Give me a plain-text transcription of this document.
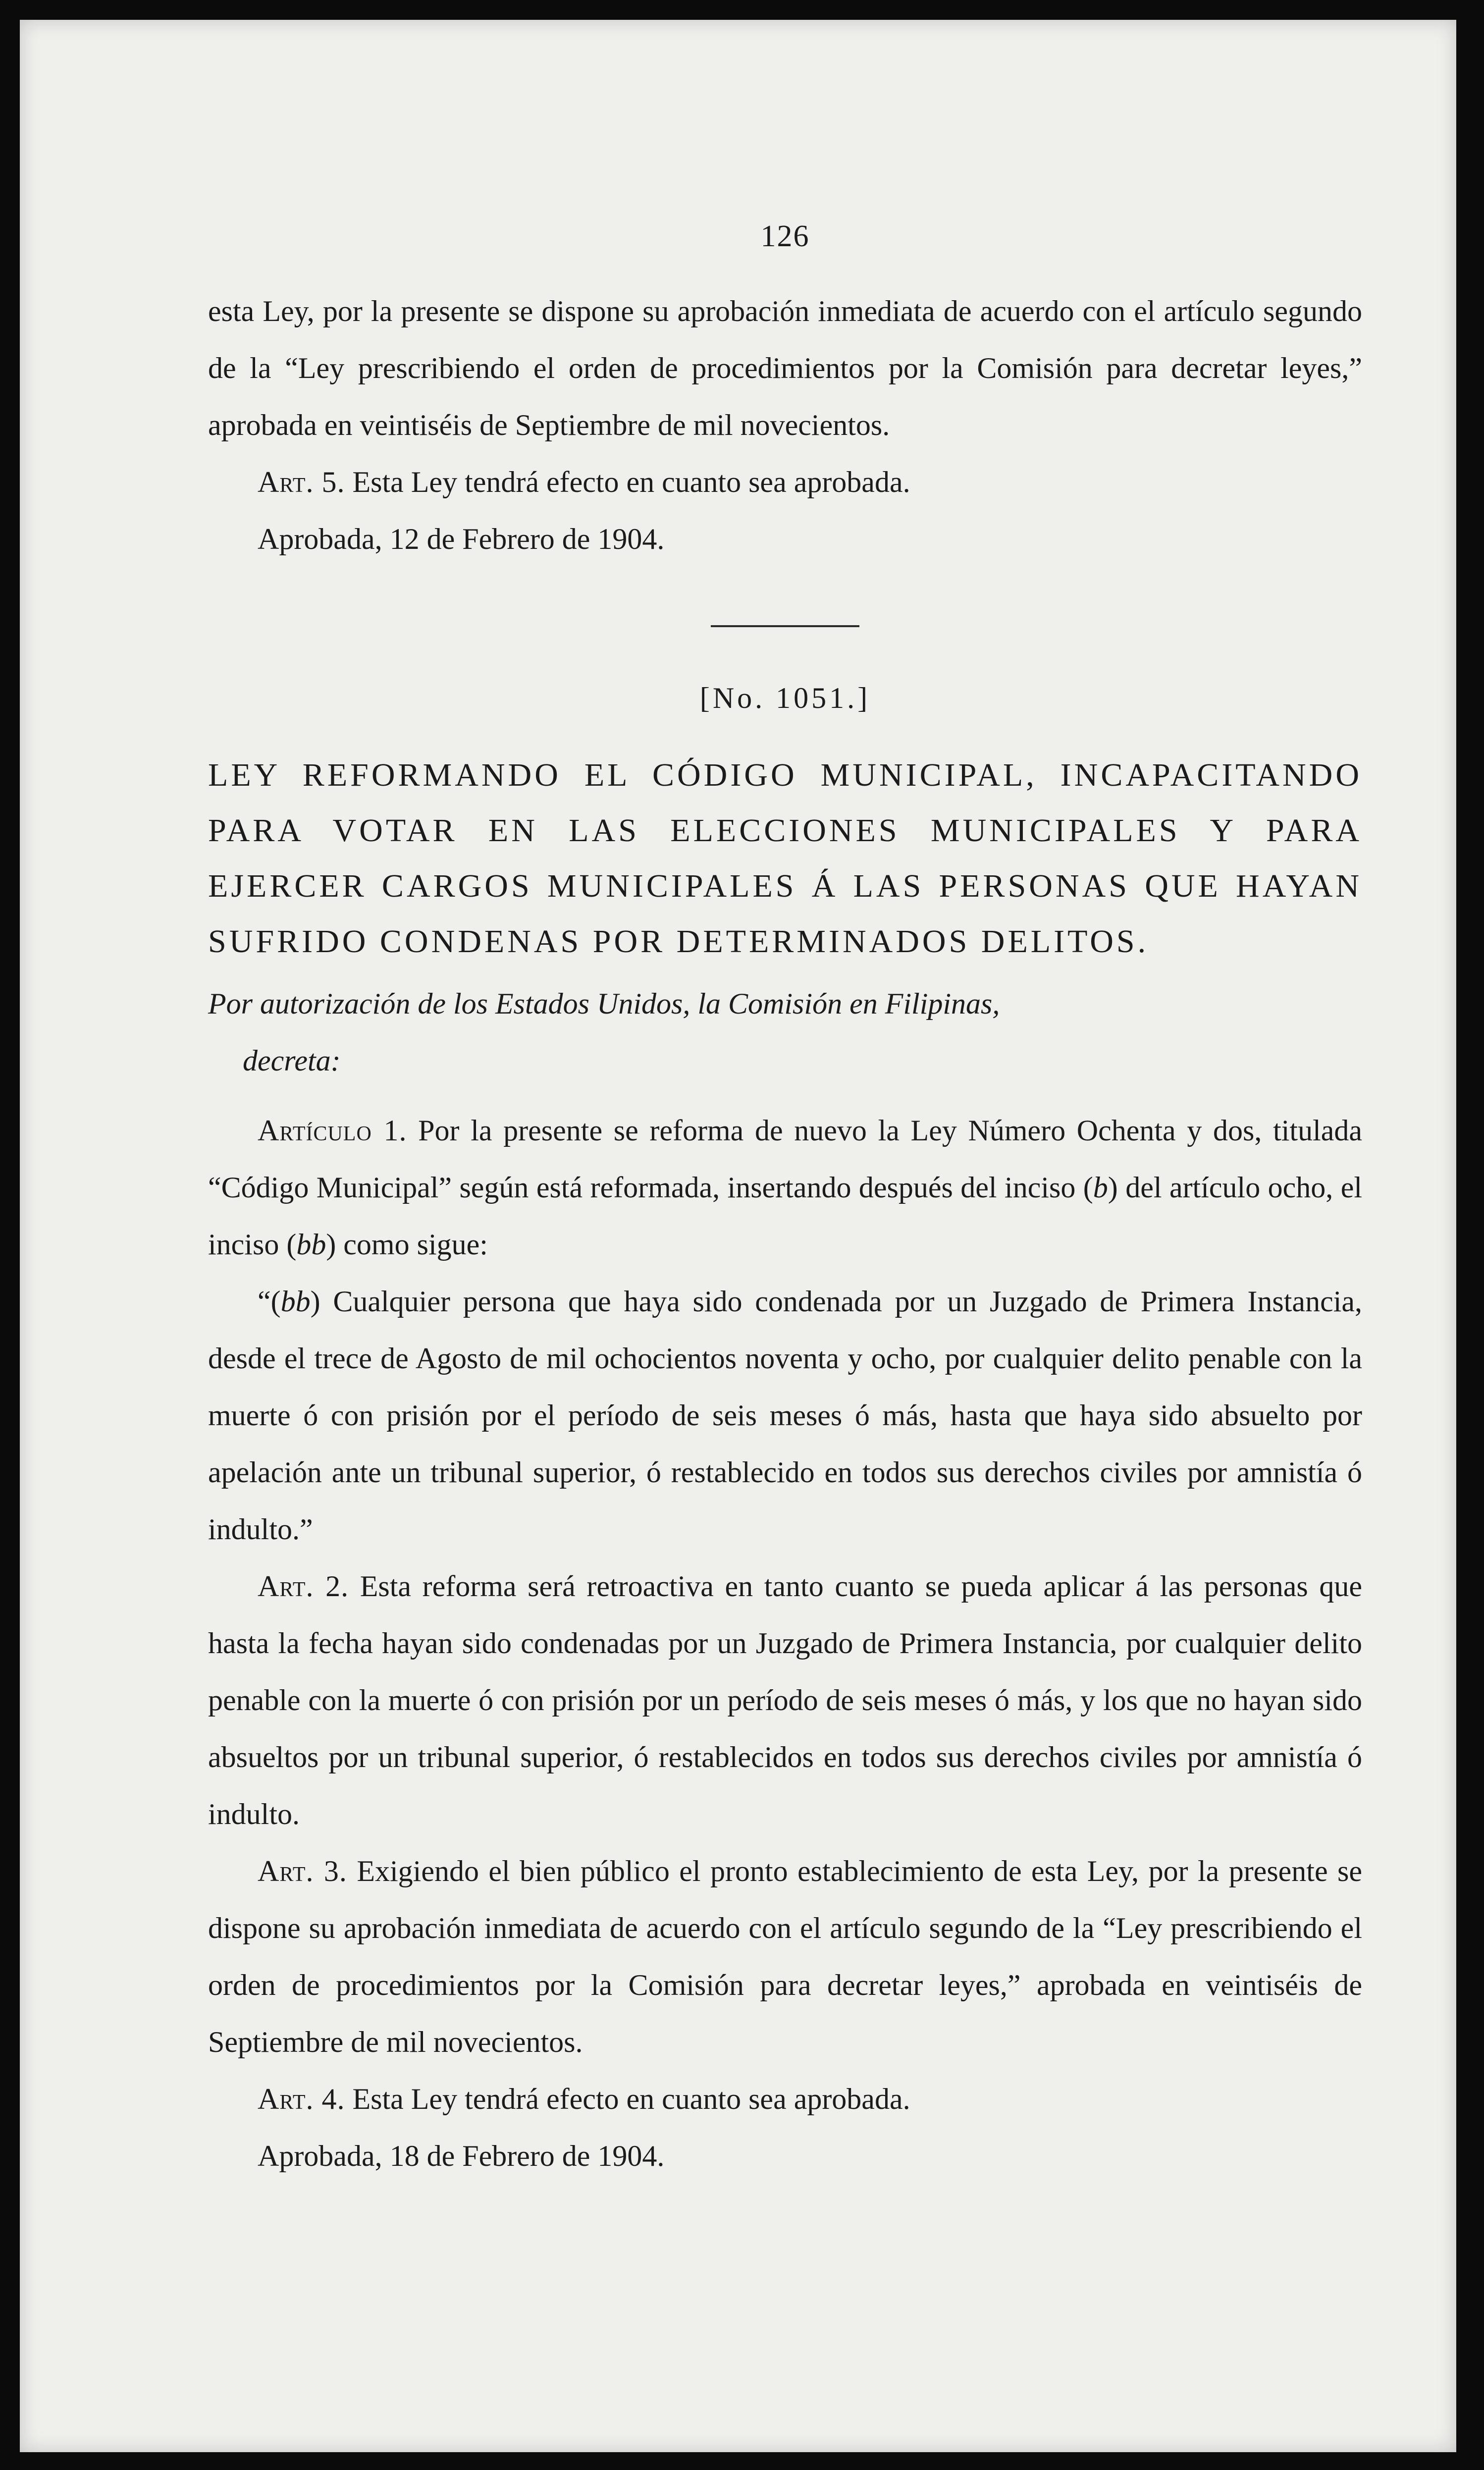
126

esta Ley, por la presente se dispone su aprobación inmediata de acuerdo con el artículo segundo de la “Ley prescribiendo el orden de procedimientos por la Comisión para decretar leyes,” aprobada en veintiséis de Septiembre de mil novecientos.

Art. 5. Esta Ley tendrá efecto en cuanto sea aprobada.

Aprobada, 12 de Febrero de 1904.

[No. 1051.]
LEY REFORMANDO EL CÓDIGO MUNICIPAL, INCAPACITANDO PARA VOTAR EN LAS ELECCIONES MUNICIPALES Y PARA EJERCER CARGOS MUNICIPALES Á LAS PERSONAS QUE HAYAN SUFRIDO CONDENAS POR DETERMINADOS DELITOS.
Por autorización de los Estados Unidos, la Comisión en Filipinas,
decreta:

Artículo 1. Por la presente se reforma de nuevo la Ley Número Ochenta y dos, titulada “Código Municipal” según está reformada, insertando después del inciso (b) del artículo ocho, el inciso (bb) como sigue:

“(bb) Cualquier persona que haya sido condenada por un Juzgado de Primera Instancia, desde el trece de Agosto de mil ochocientos noventa y ocho, por cualquier delito penable con la muerte ó con prisión por el período de seis meses ó más, hasta que haya sido absuelto por apelación ante un tribunal superior, ó restablecido en todos sus derechos civiles por amnistía ó indulto.”

Art. 2. Esta reforma será retroactiva en tanto cuanto se pueda aplicar á las personas que hasta la fecha hayan sido condenadas por un Juzgado de Primera Instancia, por cualquier delito penable con la muerte ó con prisión por un período de seis meses ó más, y los que no hayan sido absueltos por un tribunal superior, ó restablecidos en todos sus derechos civiles por amnistía ó indulto.

Art. 3. Exigiendo el bien público el pronto establecimiento de esta Ley, por la presente se dispone su aprobación inmediata de acuerdo con el artículo segundo de la “Ley prescribiendo el orden de procedimientos por la Comisión para decretar leyes,” aprobada en veintiséis de Septiembre de mil novecientos.

Art. 4. Esta Ley tendrá efecto en cuanto sea aprobada.

Aprobada, 18 de Febrero de 1904.
